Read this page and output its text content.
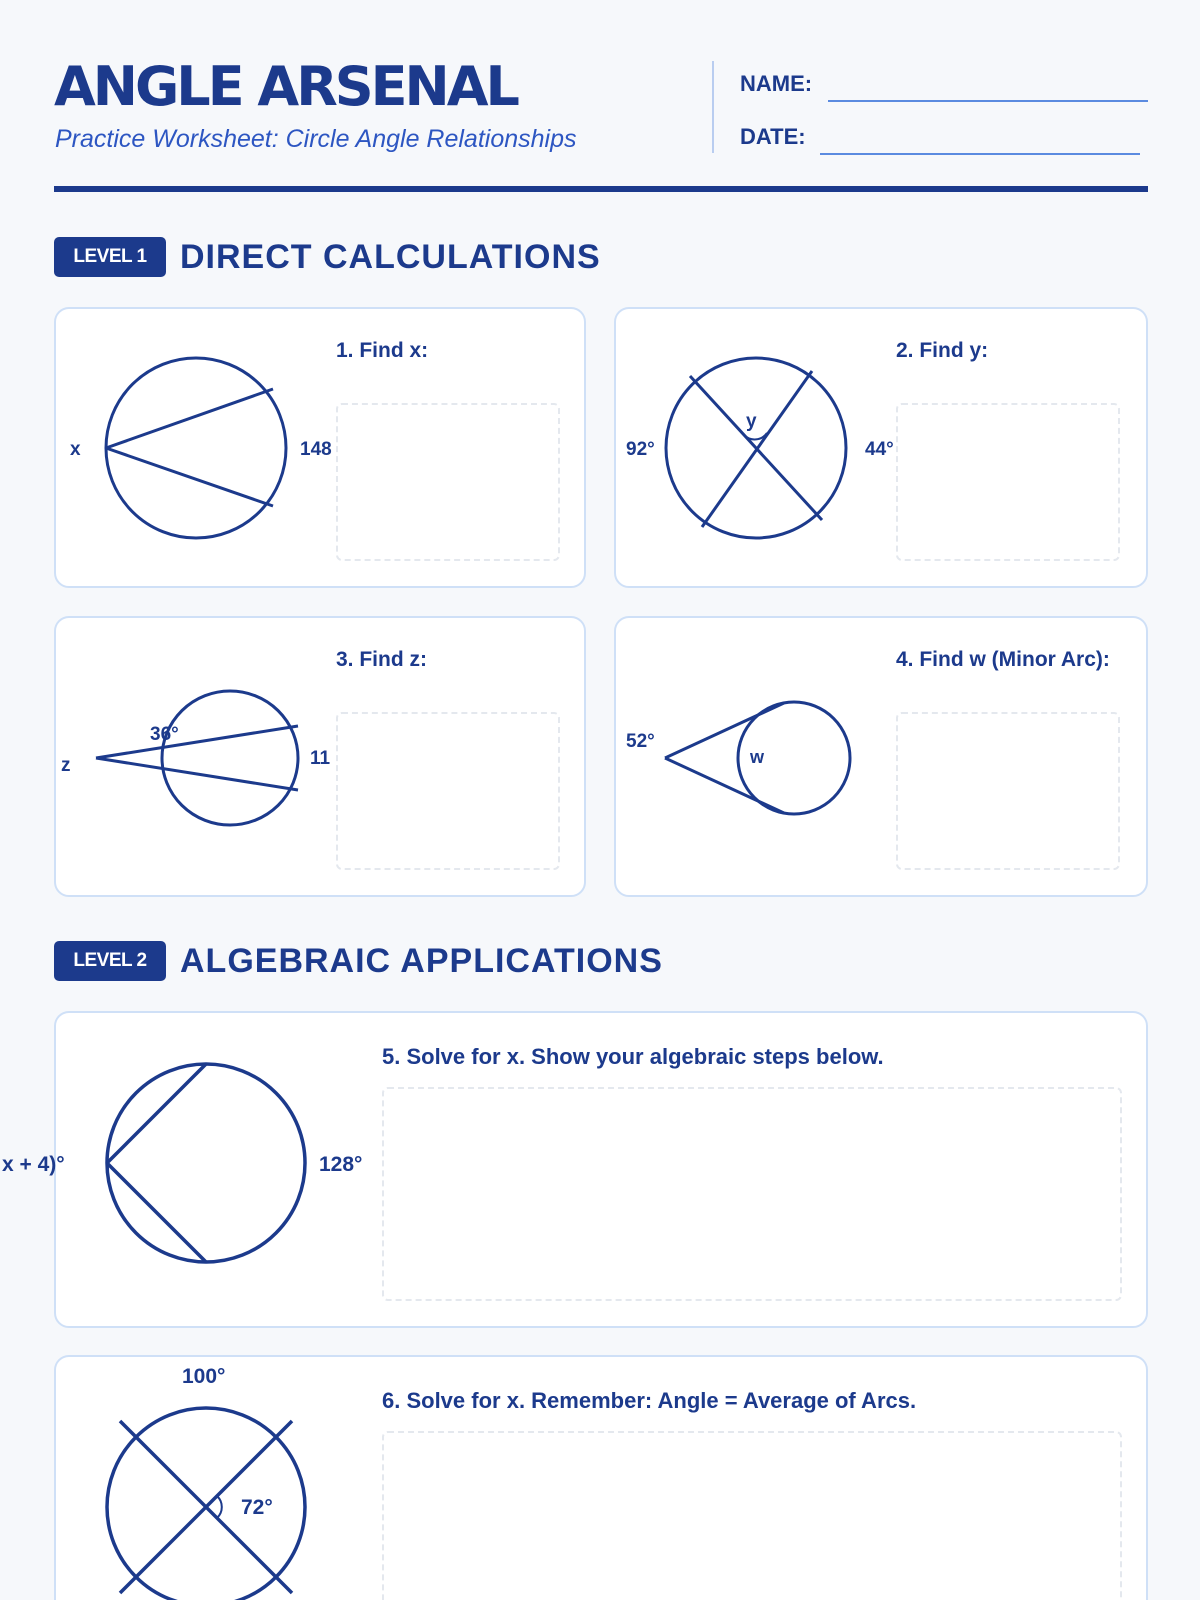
ANGLE ARSENAL
Practice Worksheet: Circle Angle Relationships
NAME:
DATE:
LEVEL 1 DIRECT CALCULATIONS
x	148
1. Find x:
y
92°	44°
2. Find y:
36°
z	11
3. Find z:
52°
w
4. Find w (Minor Arc):
LEVEL 2 ALGEBRAIC APPLICATIONS
x + 4)°	128°
5. Solve for x. Show your algebraic steps below.
100°
72°
6. Solve for x. Remember: Angle = Average of Arcs.
